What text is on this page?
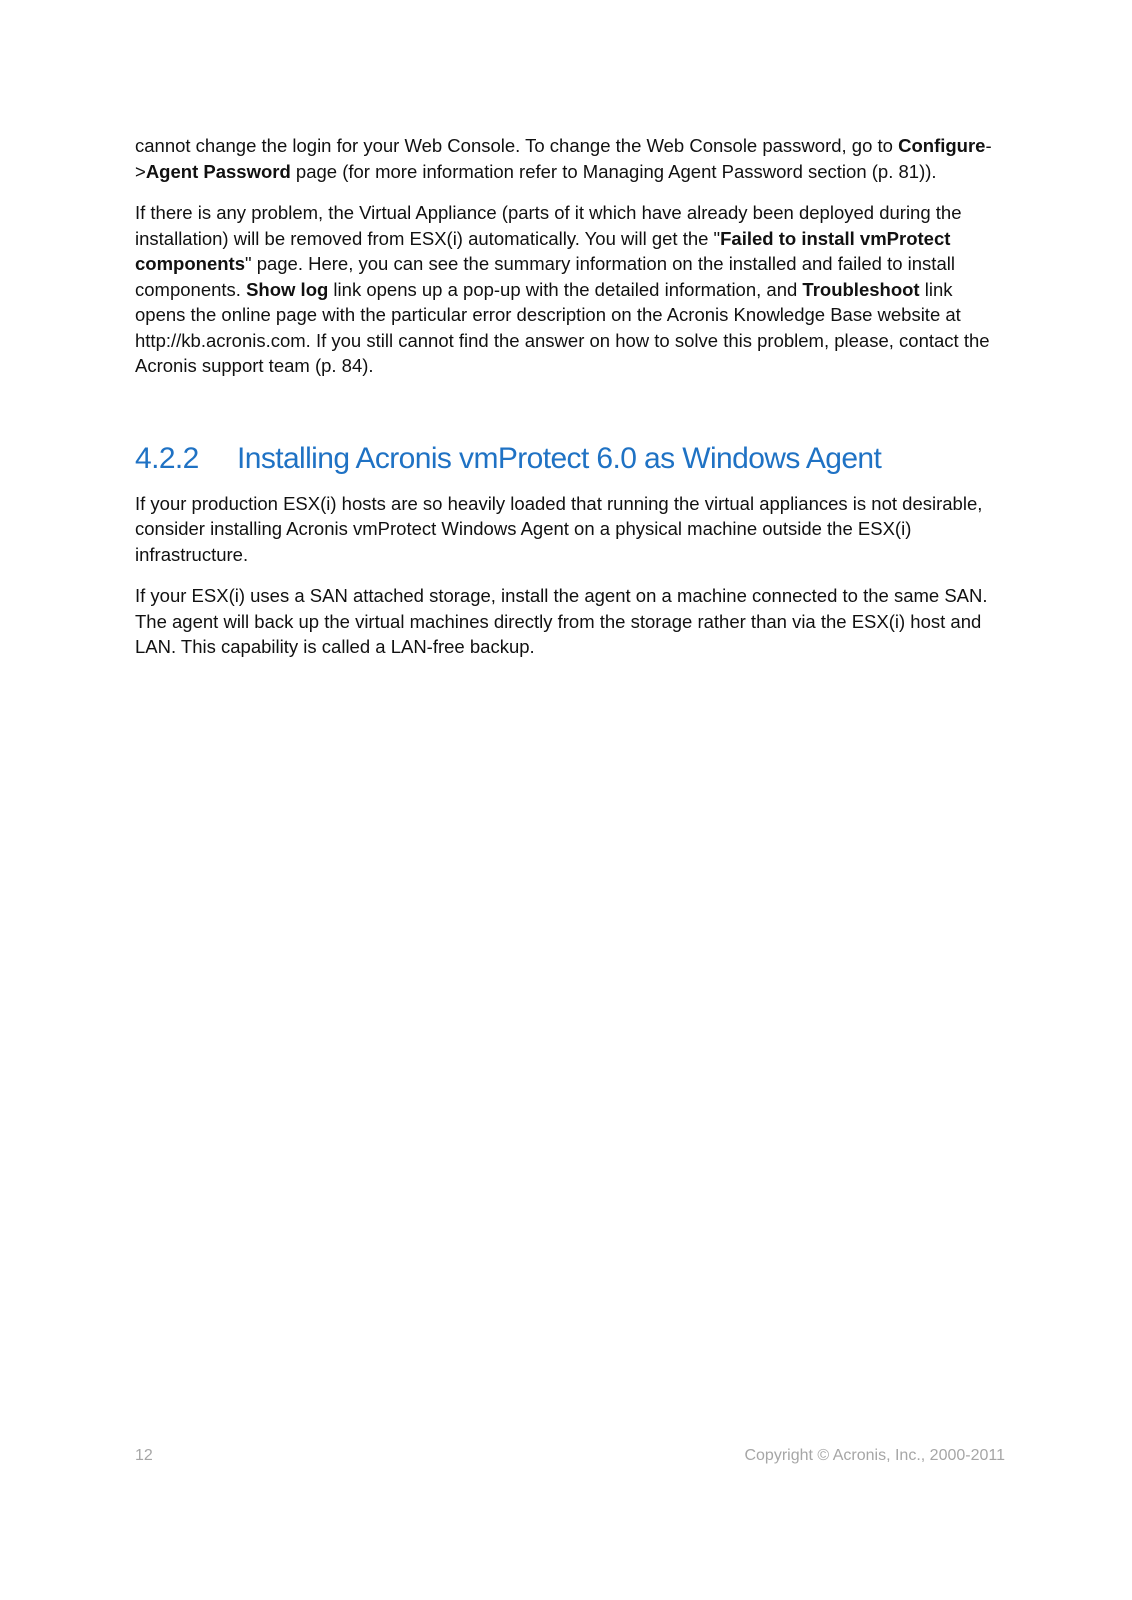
cannot change the login for your Web Console. To change the Web Console password, go to Configure->Agent Password page (for more information refer to Managing Agent Password section (p. 81)).

If there is any problem, the Virtual Appliance (parts of it which have already been deployed during the installation) will be removed from ESX(i) automatically. You will get the "Failed to install vmProtect components" page. Here, you can see the summary information on the installed and failed to install components. Show log link opens up a pop-up with the detailed information, and Troubleshoot link opens the online page with the particular error description on the Acronis Knowledge Base website at http://kb.acronis.com. If you still cannot find the answer on how to solve this problem, please, contact the Acronis support team (p. 84).

4.2.2 Installing Acronis vmProtect 6.0 as Windows Agent

If your production ESX(i) hosts are so heavily loaded that running the virtual appliances is not desirable, consider installing Acronis vmProtect Windows Agent on a physical machine outside the ESX(i) infrastructure.

If your ESX(i) uses a SAN attached storage, install the agent on a machine connected to the same SAN. The agent will back up the virtual machines directly from the storage rather than via the ESX(i) host and LAN. This capability is called a LAN-free backup.

12	Copyright © Acronis, Inc., 2000-2011
